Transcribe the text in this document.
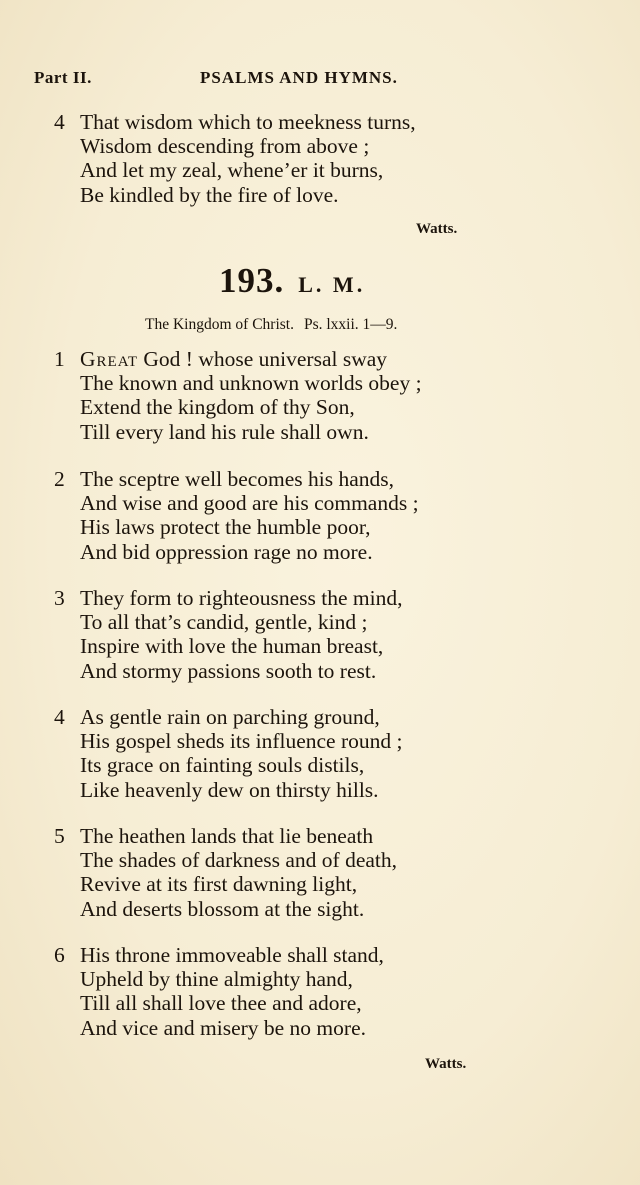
Part II.	PSALMS AND HYMNS.
4 That wisdom which to meekness turns,
Wisdom descending from above ;
And let my zeal, whene’er it burns,
Be kindled by the fire of love.
Watts.
193. L. M.
The Kingdom of Christ. Ps. lxxii. 1—9.
1 Great God ! whose universal sway
The known and unknown worlds obey ;
Extend the kingdom of thy Son,
Till every land his rule shall own.
2 The sceptre well becomes his hands,
And wise and good are his commands ;
His laws protect the humble poor,
And bid oppression rage no more.
3 They form to righteousness the mind,
To all that’s candid, gentle, kind ;
Inspire with love the human breast,
And stormy passions sooth to rest.
4 As gentle rain on parching ground,
His gospel sheds its influence round ;
Its grace on fainting souls distils,
Like heavenly dew on thirsty hills.
5 The heathen lands that lie beneath
The shades of darkness and of death,
Revive at its first dawning light,
And deserts blossom at the sight.
6 His throne immoveable shall stand,
Upheld by thine almighty hand,
Till all shall love thee and adore,
And vice and misery be no more.
Watts.
